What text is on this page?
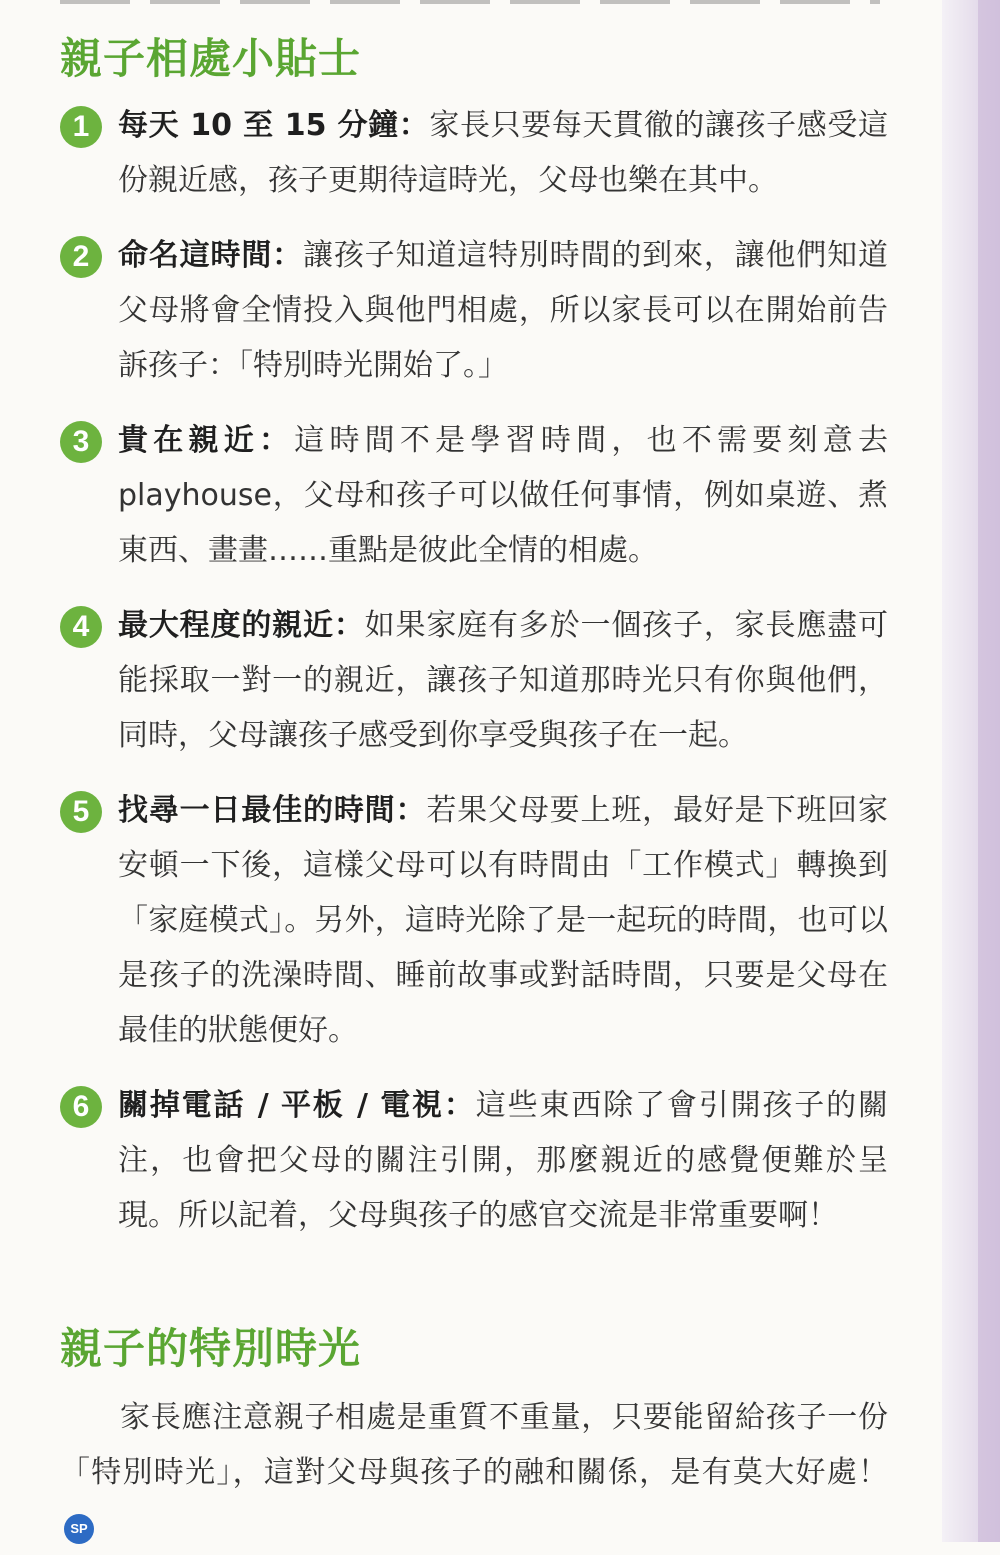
親子相處小貼士
1 每天 10 至 15 分鐘：家長只要每天貫徹的讓孩子感受這份親近感，孩子更期待這時光，父母也樂在其中。
2 命名這時間：讓孩子知道這特別時間的到來，讓他們知道父母將會全情投入與他門相處，所以家長可以在開始前告訴孩子：「特別時光開始了。」
3 貴在親近：這時間不是學習時間，也不需要刻意去playhouse，父母和孩子可以做任何事情，例如桌遊、煮東西、畫畫……重點是彼此全情的相處。
4 最大程度的親近：如果家庭有多於一個孩子，家長應盡可能採取一對一的親近，讓孩子知道那時光只有你與他們，同時，父母讓孩子感受到你享受與孩子在一起。
5 找尋一日最佳的時間：若果父母要上班，最好是下班回家安頓一下後，這樣父母可以有時間由「工作模式」轉換到「家庭模式」。另外，這時光除了是一起玩的時間，也可以是孩子的洗澡時間、睡前故事或對話時間，只要是父母在最佳的狀態便好。
6 關掉電話 / 平板 / 電視：這些東西除了會引開孩子的關注，也會把父母的關注引開，那麼親近的感覺便難於呈現。所以記着，父母與孩子的感官交流是非常重要啊！
親子的特別時光

家長應注意親子相處是重質不重量，只要能留給孩子一份「特別時光」，這對父母與孩子的融和關係，是有莫大好處！SP
